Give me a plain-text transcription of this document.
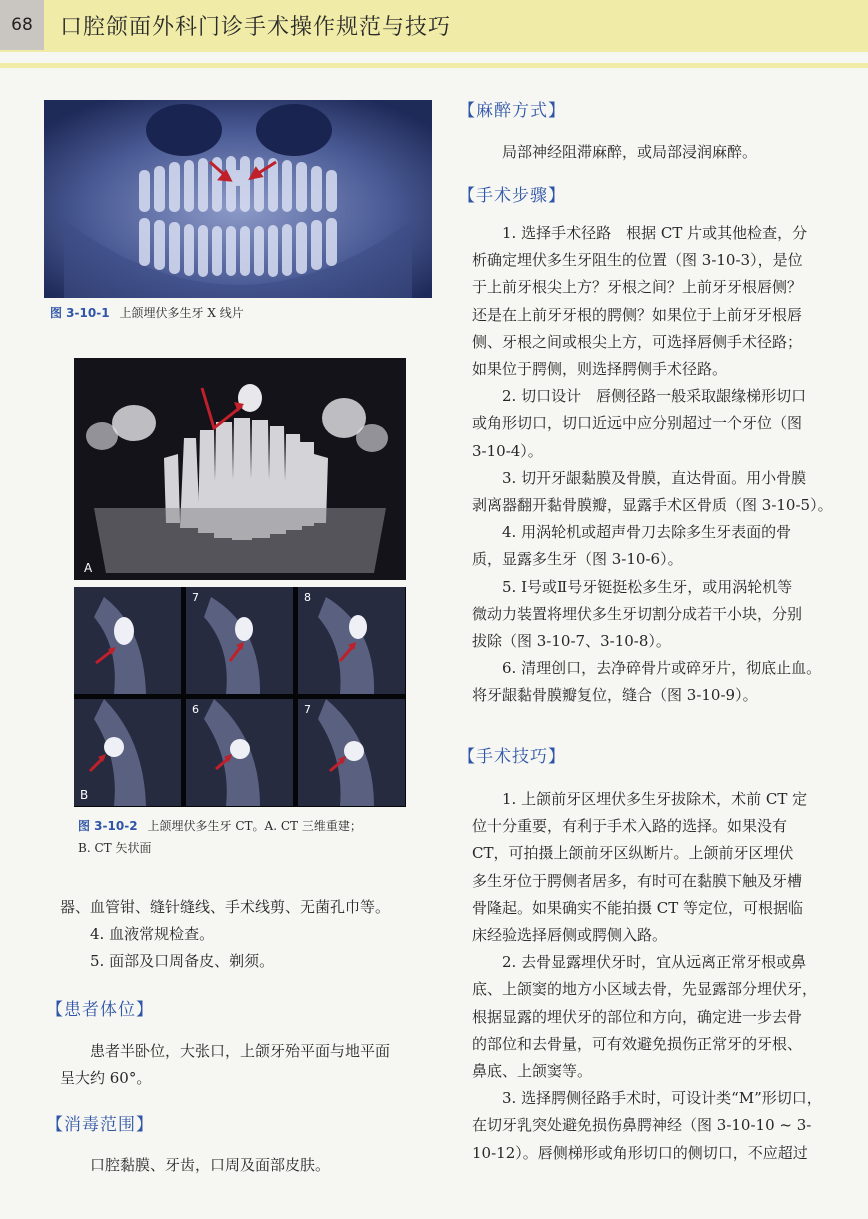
68	口腔颌面外科门诊手术操作规范与技巧
图 3-10-1 上颌埋伏多生牙 X 线片
A
7	8
B
6	7
图 3-10-2 上颌埋伏多生牙 CT。A. CT 三维重建；
B. CT 矢状面
器、血管钳、缝针缝线、手术线剪、无菌孔巾等。
4. 血液常规检查。
5. 面部及口周备皮、剃须。
【患者体位】
患者半卧位，大张口，上颌牙殆平面与地平面
呈大约 60°。
【消毒范围】
口腔黏膜、牙齿，口周及面部皮肤。
【麻醉方式】
局部神经阻滞麻醉，或局部浸润麻醉。
【手术步骤】
1. 选择手术径路　根据 CT 片或其他检查，分
析确定埋伏多生牙阻生的位置（图 3-10-3），是位
于上前牙根尖上方？牙根之间？上前牙牙根唇侧？
还是在上前牙牙根的腭侧？如果位于上前牙牙根唇
侧、牙根之间或根尖上方，可选择唇侧手术径路；
如果位于腭侧，则选择腭侧手术径路。
2. 切口设计　唇侧径路一般采取龈缘梯形切口
或角形切口，切口近远中应分别超过一个牙位（图
3-10-4）。
3. 切开牙龈黏膜及骨膜，直达骨面。用小骨膜
剥离器翻开黏骨膜瓣，显露手术区骨质（图 3-10-5）。
4. 用涡轮机或超声骨刀去除多生牙表面的骨
质，显露多生牙（图 3-10-6）。
5. Ⅰ号或Ⅱ号牙铤挺松多生牙，或用涡轮机等
微动力装置将埋伏多生牙切割分成若干小块，分别
拔除（图 3-10-7、3-10-8）。
6. 清理创口，去净碎骨片或碎牙片，彻底止血。
将牙龈黏骨膜瓣复位，缝合（图 3-10-9）。
【手术技巧】
1. 上颌前牙区埋伏多生牙拔除术，术前 CT 定
位十分重要，有利于手术入路的选择。如果没有
CT，可拍摄上颌前牙区纵断片。上颌前牙区埋伏
多生牙位于腭侧者居多，有时可在黏膜下触及牙槽
骨隆起。如果确实不能拍摄 CT 等定位，可根据临
床经验选择唇侧或腭侧入路。
2. 去骨显露埋伏牙时，宜从远离正常牙根或鼻
底、上颌窦的地方小区域去骨，先显露部分埋伏牙，
根据显露的埋伏牙的部位和方向，确定进一步去骨
的部位和去骨量，可有效避免损伤正常牙的牙根、
鼻底、上颌窦等。
3. 选择腭侧径路手术时，可设计类“M”形切口，
在切牙乳突处避免损伤鼻腭神经（图 3-10-10 ~ 3-
10-12）。唇侧梯形或角形切口的侧切口，不应超过
